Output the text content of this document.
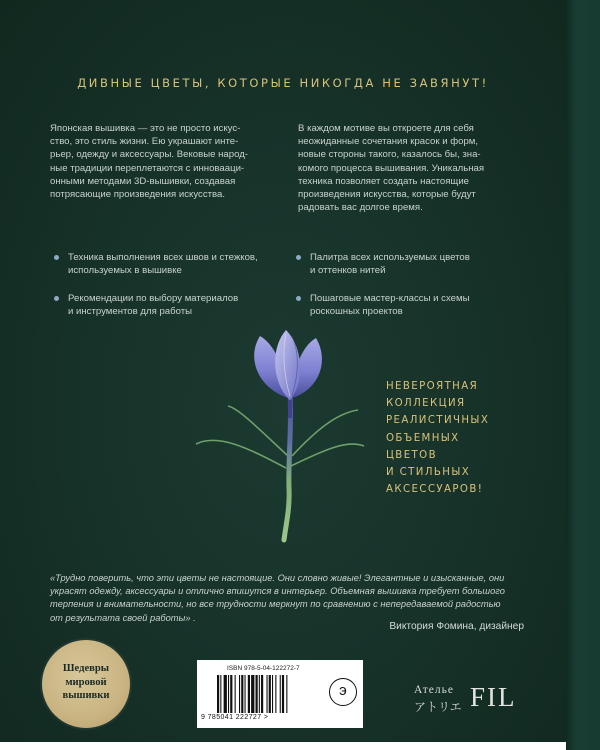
ДИВНЫЕ ЦВЕТЫ, КОТОРЫЕ НИКОГДА НЕ ЗАВЯНУТ!
Японская вышивка — это не просто искус-
ство, это стиль жизни. Ею украшают инте-
рьер, одежду и аксессуары. Вековые народ-
ные традиции переплетаются с инновааци-
онными методами 3D-вышивки, создавая
потрясающие произведения искусства.
В каждом мотиве вы откроете для себя
неожиданные сочетания красок и форм,
новые стороны такого, казалось бы, зна-
комого процесса вышивания. Уникальная
техника позволяет создать настоящие
произведения искусства, которые будут
радовать вас долгое время.
Техника выполнения всех швов и стежков,
используемых в вышивке
Палитра всех используемых цветов
и оттенков нитей
Рекомендации по выбору материалов
и инструментов для работы
Пошаговые мастер-классы и схемы
роскошных проектов
НЕВЕРОЯТНАЯ
КОЛЛЕКЦИЯ
РЕАЛИСТИЧНЫХ
ОБЪЕМНЫХ
ЦВЕТОВ
И СТИЛЬНЫХ
АКСЕССУАРОВ!
«Трудно поверить, что эти цветы не настоящие. Они словно живые! Элегантные и изысканные, они
украсят одежду, аксессуары и отлично впишутся в интерьер. Объемная вышивка требует большого
терпения и внимательности, но все трудности меркнут по сравнению с непередаваемой радостью
от результата своей работы» .
Виктория Фомина, дизайнер
Шедевры
мировой
вышивки
ISBN 978-5-04-122272-7
9 785041 222727 >
э	Ателье
アトリエ FIL
